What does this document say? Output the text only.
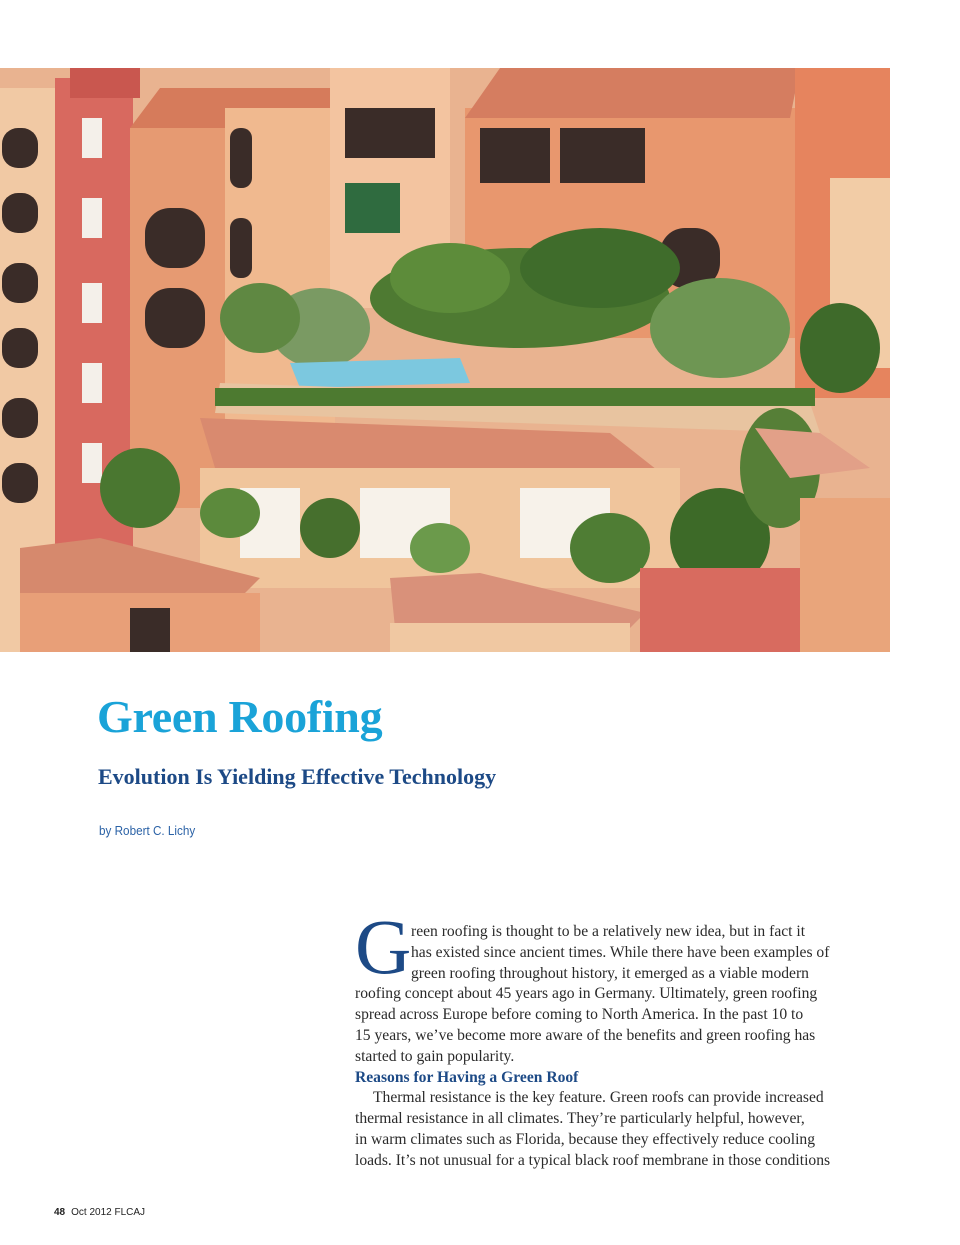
Green Roofing
Evolution Is Yielding Effective Technology
by Robert C. Lichy
G reen roofing is thought to be a relatively new idea, but in fact it
has existed since ancient times. While there have been examples of
green roofing throughout history, it emerged as a viable modern
roofing concept about 45 years ago in Germany. Ultimately, green roofing
spread across Europe before coming to North America. In the past 10 to
15 years, we’ve become more aware of the benefits and green roofing has
started to gain popularity.
Reasons for Having a Green Roof
Thermal resistance is the key feature. Green roofs can provide increased
thermal resistance in all climates. They’re particularly helpful, however,
in warm climates such as Florida, because they effectively reduce cooling
loads. It’s not unusual for a typical black roof membrane in those conditions
48 Oct 2012 FLCAJ
